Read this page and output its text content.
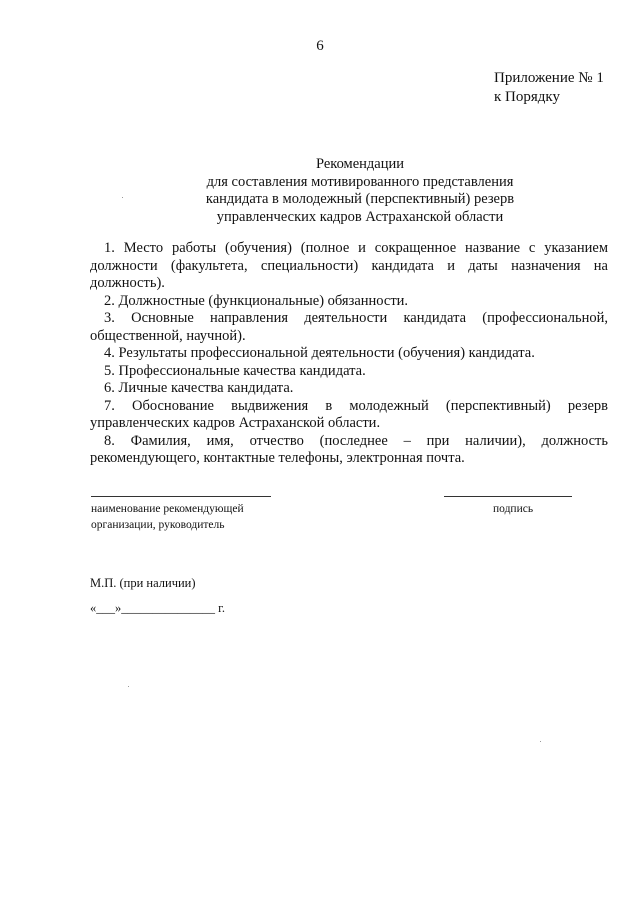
6
Приложение № 1
к Порядку
Рекомендации
для составления мотивированного представления
кандидата в молодежный (перспективный) резерв
управленческих кадров Астраханской области

1. Место работы (обучения) (полное и сокращенное название с указанием должности (факультета, специальности) кандидата и даты назначения на должность).

2. Должностные (функциональные) обязанности.

3. Основные направления деятельности кандидата (профессиональной, общественной, научной).

4. Результаты профессиональной деятельности (обучения) кандидата.

5. Профессиональные качества кандидата.

6. Личные качества кандидата.

7. Обоснование выдвижения в молодежный (перспективный) резерв управленческих кадров Астраханской области.

8. Фамилия, имя, отчество (последнее – при наличии), должность рекомендующего, контактные телефоны, электронная почта.

наименование рекомендующей
организации, руководитель
подпись
М.П. (при наличии)
«___»_______________ г.
